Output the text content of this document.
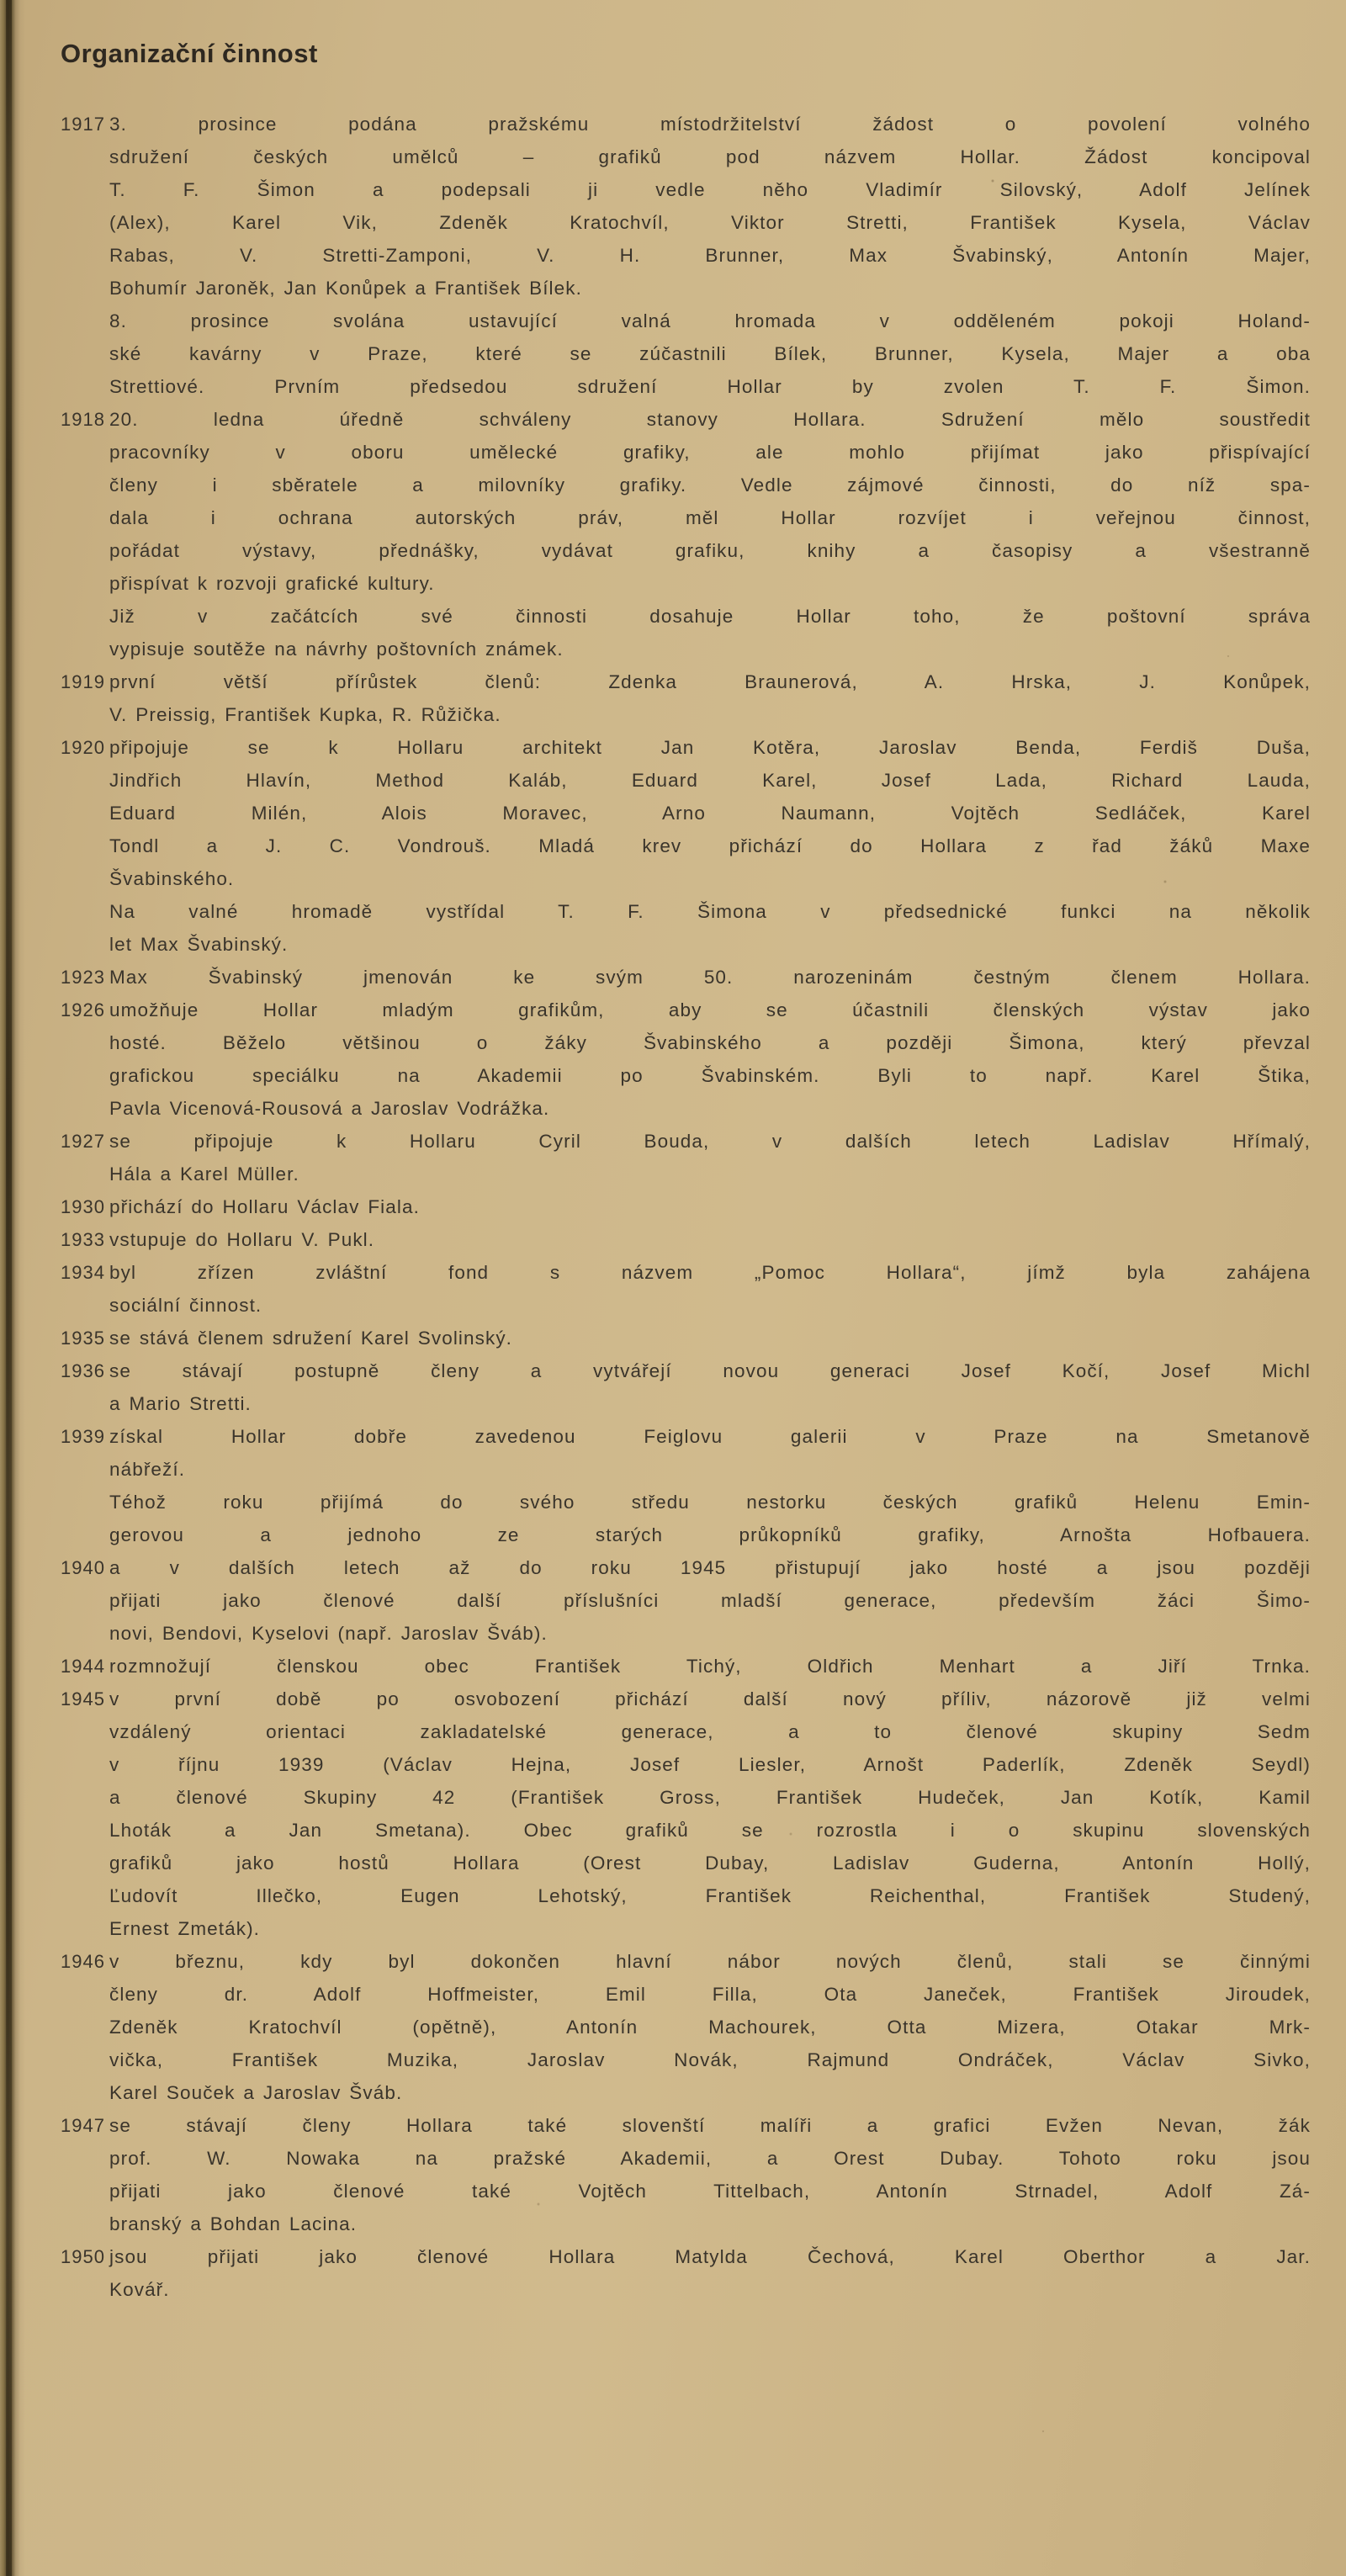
Organizační činnost
1917 3. prosince podána pražskému místodržitelství žádost o povolení volného
sdružení českých umělců – grafiků pod názvem Hollar. Žádost koncipoval
T. F. Šimon a podepsali ji vedle něho Vladimír Silovský, Adolf Jelínek
(Alex), Karel Vik, Zdeněk Kratochvíl, Viktor Stretti, František Kysela, Václav
Rabas, V. Stretti-Zamponi, V. H. Brunner, Max Švabinský, Antonín Majer,
Bohumír Jaroněk, Jan Konůpek a František Bílek.
8. prosince svolána ustavující valná hromada v odděleném pokoji Holand-
ské kavárny v Praze, které se zúčastnili Bílek, Brunner, Kysela, Majer a oba
Strettiové. Prvním předsedou sdružení Hollar by zvolen T. F. Šimon.
1918 20. ledna úředně schváleny stanovy Hollara. Sdružení mělo soustředit
pracovníky v oboru umělecké grafiky, ale mohlo přijímat jako přispívající
členy i sběratele a milovníky grafiky. Vedle zájmové činnosti, do níž spa-
dala i ochrana autorských práv, měl Hollar rozvíjet i veřejnou činnost,
pořádat výstavy, přednášky, vydávat grafiku, knihy a časopisy a všestranně
přispívat k rozvoji grafické kultury.
Již v začátcích své činnosti dosahuje Hollar toho, že poštovní správa
vypisuje soutěže na návrhy poštovních známek.
1919 první větší přírůstek členů: Zdenka Braunerová, A. Hrska, J. Konůpek,
V. Preissig, František Kupka, R. Růžička.
1920 připojuje se k Hollaru architekt Jan Kotěra, Jaroslav Benda, Ferdiš Duša,
Jindřich Hlavín, Method Kaláb, Eduard Karel, Josef Lada, Richard Lauda,
Eduard Milén, Alois Moravec, Arno Naumann, Vojtěch Sedláček, Karel
Tondl a J. C. Vondrouš. Mladá krev přichází do Hollara z řad žáků Maxe
Švabinského.
Na valné hromadě vystřídal T. F. Šimona v předsednické funkci na několik
let Max Švabinský.
1923 Max Švabinský jmenován ke svým 50. narozeninám čestným členem Hollara.
1926 umožňuje Hollar mladým grafikům, aby se účastnili členských výstav jako
hosté. Běželo většinou o žáky Švabinského a později Šimona, který převzal
grafickou speciálku na Akademii po Švabinském. Byli to např. Karel Štika,
Pavla Vicenová-Rousová a Jaroslav Vodrážka.
1927 se připojuje k Hollaru Cyril Bouda, v dalších letech Ladislav Hřímalý,
Hála a Karel Müller.
1930 přichází do Hollaru Václav Fiala.
1933 vstupuje do Hollaru V. Pukl.
1934 byl zřízen zvláštní fond s názvem „Pomoc Hollara“, jímž byla zahájena
sociální činnost.
1935 se stává členem sdružení Karel Svolinský.
1936 se stávají postupně členy a vytvářejí novou generaci Josef Kočí, Josef Michl
a Mario Stretti.
1939 získal Hollar dobře zavedenou Feiglovu galerii v Praze na Smetanově
nábřeží.
Téhož roku přijímá do svého středu nestorku českých grafiků Helenu Emin-
gerovou a jednoho ze starých průkopníků grafiky, Arnošta Hofbauera.
1940 a v dalších letech až do roku 1945 přistupují jako hosté a jsou později
přijati jako členové další příslušníci mladší generace, především žáci Šimo-
novi, Bendovi, Kyselovi (např. Jaroslav Šváb).
1944 rozmnožují členskou obec František Tichý, Oldřich Menhart a Jiří Trnka.
1945 v první době po osvobození přichází další nový příliv, názorově již velmi
vzdálený orientaci zakladatelské generace, a to členové skupiny Sedm
v říjnu 1939 (Václav Hejna, Josef Liesler, Arnošt Paderlík, Zdeněk Seydl)
a členové Skupiny 42 (František Gross, František Hudeček, Jan Kotík, Kamil
Lhoták a Jan Smetana). Obec grafiků se rozrostla i o skupinu slovenských
grafiků jako hostů Hollara (Orest Dubay, Ladislav Guderna, Antonín Hollý,
Ľudovít Illečko, Eugen Lehotský, František Reichenthal, František Studený,
Ernest Zmeták).
1946 v březnu, kdy byl dokončen hlavní nábor nových členů, stali se činnými
členy dr. Adolf Hoffmeister, Emil Filla, Ota Janeček, František Jiroudek,
Zdeněk Kratochvíl (opětně), Antonín Machourek, Otta Mizera, Otakar Mrk-
vička, František Muzika, Jaroslav Novák, Rajmund Ondráček, Václav Sivko,
Karel Souček a Jaroslav Šváb.
1947 se stávají členy Hollara také slovenští malíři a grafici Evžen Nevan, žák
prof. W. Nowaka na pražské Akademii, a Orest Dubay. Tohoto roku jsou
přijati jako členové také Vojtěch Tittelbach, Antonín Strnadel, Adolf Zá-
branský a Bohdan Lacina.
1950 jsou přijati jako členové Hollara Matylda Čechová, Karel Oberthor a Jar.
Kovář.
